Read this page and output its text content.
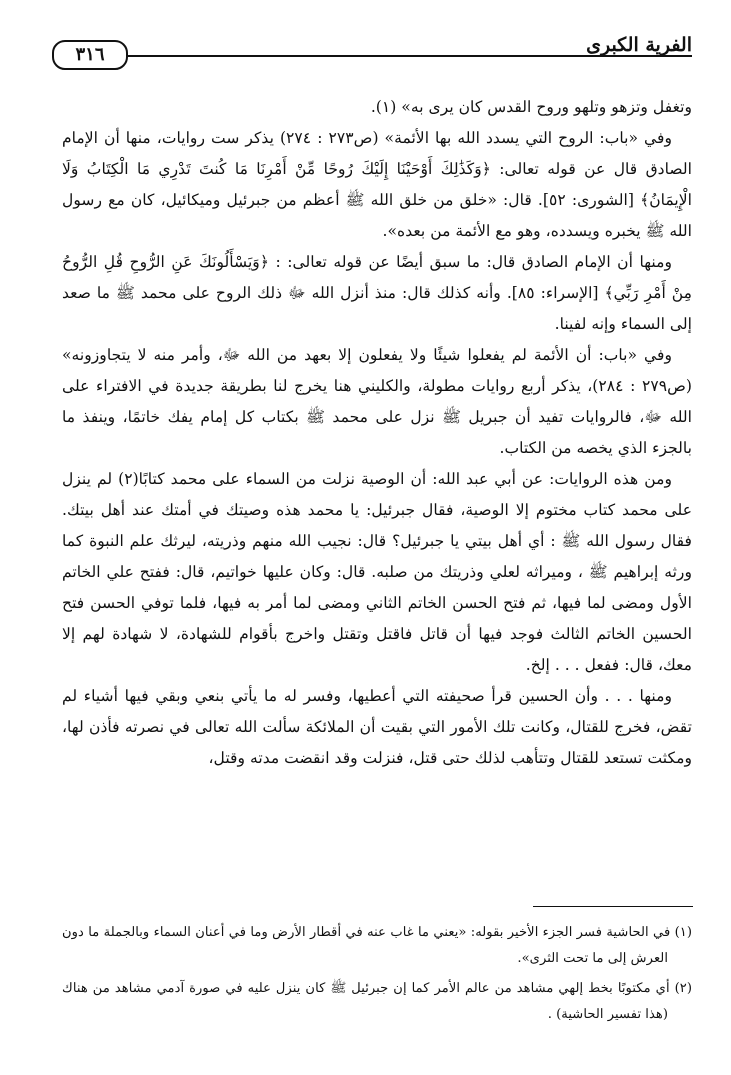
الفرية الكبرى
٣١٦

وتغفل وتزهو وتلهو وروح القدس كان يرى به» (١).

وفي «باب: الروح التي يسدد الله بها الأئمة» (ص٢٧٣ : ٢٧٤) يذكر ست روايات، منها أن الإمام الصادق قال عن قوله تعالى: ﴿وَكَذَٰلِكَ أَوْحَيْنَا إِلَيْكَ رُوحًا مِّنْ أَمْرِنَا مَا كُنتَ تَدْرِي مَا الْكِتَابُ وَلَا الْإِيمَانُ﴾ [الشورى: ٥٢]. قال: «خلق من خلق الله ﷺ أعظم من جبرئيل وميكائيل، كان مع رسول الله ﷺ يخبره ويسدده، وهو مع الأئمة من بعده».

ومنها أن الإمام الصادق قال: ما سبق أيضًا عن قوله تعالى: : ﴿وَيَسْأَلُونَكَ عَنِ الرُّوحِ قُلِ الرُّوحُ مِنْ أَمْرِ رَبِّي﴾ [الإسراء: ٨٥]. وأنه كذلك قال: منذ أنزل الله ﷻ ذلك الروح على محمد ﷺ ما صعد إلى السماء وإنه لفينا.

وفي «باب: أن الأئمة لم يفعلوا شيئًا ولا يفعلون إلا بعهد من الله ﷻ، وأمر منه لا يتجاوزونه» (ص٢٧٩ : ٢٨٤)، يذكر أربع روايات مطولة، والكليني هنا يخرج لنا بطريقة جديدة في الافتراء على الله ﷻ، فالروايات تفيد أن جبريل ﷺ نزل على محمد ﷺ بكتاب كل إمام يفك خاتمًا، وينفذ ما بالجزء الذي يخصه من الكتاب.

ومن هذه الروايات: عن أبي عبد الله: أن الوصية نزلت من السماء على محمد كتابًا(٢) لم ينزل على محمد كتاب مختوم إلا الوصية، فقال جبرئيل: يا محمد هذه وصيتك في أمتك عند أهل بيتك. فقال رسول الله ﷺ : أي أهل بيتي يا جبرئيل؟ قال: نجيب الله منهم وذريته، ليرثك علم النبوة كما ورثه إبراهيم ﷺ ، وميراثه لعلي وذريتك من صلبه. قال: وكان عليها خواتيم، قال: ففتح علي الخاتم الأول ومضى لما فيها، ثم فتح الحسن الخاتم الثاني ومضى لما أمر به فيها، فلما توفي الحسن فتح الحسين الخاتم الثالث فوجد فيها أن قاتل فاقتل وتقتل واخرج بأقوام للشهادة، لا شهادة لهم إلا معك، قال: ففعل . . . إلخ.

ومنها . . . وأن الحسين قرأ صحيفته التي أعطيها، وفسر له ما يأتي بنعي وبقي فيها أشياء لم تقض، فخرج للقتال، وكانت تلك الأمور التي بقيت أن الملائكة سألت الله تعالى في نصرته فأذن لها، ومكثت تستعد للقتال وتتأهب لذلك حتى قتل، فنزلت وقد انقضت مدته وقتل،

(١) في الحاشية فسر الجزء الأخير بقوله: «يعني ما غاب عنه في أقطار الأرض وما في أعنان السماء وبالجملة ما دون العرش إلى ما تحت الثرى».

(٢) أي مكتوبًا بخط إلهي مشاهد من عالم الأمر كما إن جبرئيل ﷺ كان ينزل عليه في صورة آدمي مشاهد من هناك (هذا تفسير الحاشية) .
